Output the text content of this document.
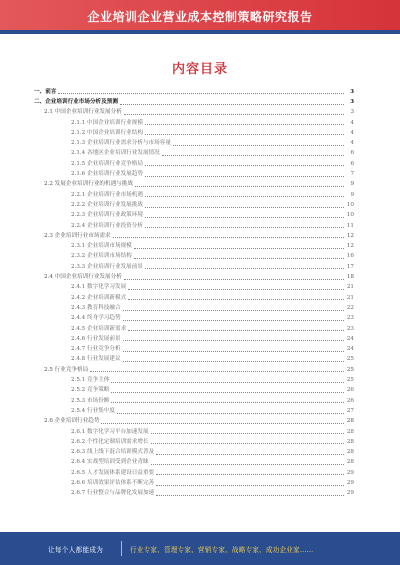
企业培训企业营业成本控制策略研究报告
内容目录
一、前言	3
二、企业培训行业市场分析及预测	3
2.1 中国企业培训行业发展分析	3
2.1.1 中国企业培训行业规模	4
2.1.2 中国企业培训行业结构	4
2.1.3 企业培训行业需求分析与市场容量	4
2.1.4 各地区企业培训行业发展情况	6
2.1.5 企业培训行业竞争格局	6
2.1.6 企业培训行业发展趋势	7
2.2 发展企业培训行业的机遇与挑战	9
2.2.1 企业培训行业市场机遇	9
2.2.2 企业培训行业发展挑战	10
2.2.3 企业培训行业政策环境	10
2.2.4 企业培训行业投资分析	11
2.3 企业培训行业市场需求	12
2.3.1 企业培训市场规模	12
2.3.2 企业培训市场结构	16
2.3.3 企业培训行业发展前景	17
2.4 中国企业培训行业发展分析	18
2.4.1 数字化学习发展	21
2.4.2 企业培训新模式	21
2.4.3 教育科技融合	22
2.4.4 终身学习趋势	23
2.4.5 企业培训新需求	23
2.4.6 行业发展前景	24
2.4.7 行业竞争分析	24
2.4.8 行业发展建议	25
2.5 行业竞争格局	25
2.5.1 竞争主体	25
2.5.2 竞争策略	26
2.5.3 市场份额	26
2.5.4 行业集中度	27
2.6 企业培训行业趋势	28
2.6.1 数字化学习平台加速发展	28
2.6.2 个性化定制培训需求增长	28
2.6.3 线上线下混合培训模式普及	28
2.6.4 实战型培训受到企业青睐	28
2.6.5 人才发展体系建设日益重要	29
2.6.6 培训效果评估体系不断完善	29
2.6.7 行业整合与品牌化发展加速	29
让每个人都能成为	行业专家、管理专家、营销专家、战略专家、成功企业家……
